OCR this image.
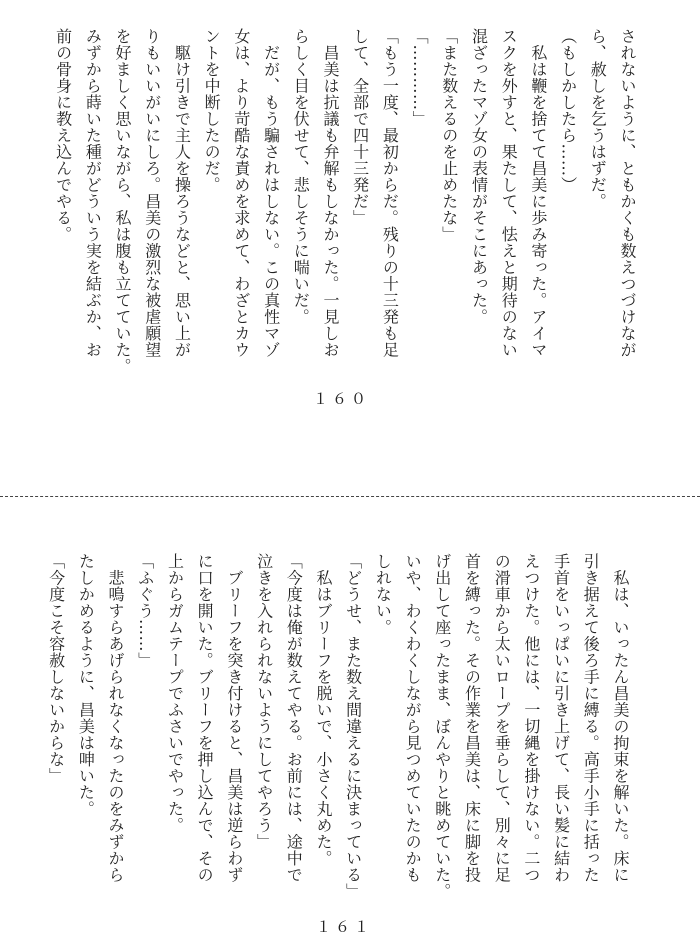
されないように、ともかくも数えつづけなが
ら、赦しを乞うはずだ。
（もしかしたら……）
　私は鞭を捨てて昌美に歩み寄った。アイマ
スクを外すと、果たして、怯えと期待のない
混ざったマゾ女の表情がそこにあった。
「また数えるのを止めたな」
「…………」
「もう一度、最初からだ。残りの十三発も足
して、全部で四十三発だ」
　昌美は抗議も弁解もしなかった。一見しお
らしく目を伏せて、悲しそうに喘いだ。
　だが、もう騙されはしない。この真性マゾ
女は、より苛酷な責めを求めて、わざとカウ
ントを中断したのだ。
　駆け引きで主人を操ろうなどと、思い上が
りもいいがいにしろ。昌美の激烈な被虐願望
を好ましく思いながら、私は腹も立てていた。
みずから蒔いた種がどういう実を結ぶか、お
前の骨身に教え込んでやる。
１６０
　私は、いったん昌美の拘束を解いた。床に
引き据えて後ろ手に縛る。高手小手に括った
手首をいっぱいに引き上げて、長い髪に結わ
えつけた。他には、一切縄を掛けない。二つ
の滑車から太いロープを垂らして、別々に足
首を縛った。その作業を昌美は、床に脚を投
げ出して座ったまま、ぼんやりと眺めていた。
いや、わくわくしながら見つめていたのかも
しれない。
「どうせ、また数え間違えるに決まっている」
　私はブリーフを脱いで、小さく丸めた。
「今度は俺が数えてやる。お前には、途中で
泣きを入れられないようにしてやろう」
　ブリーフを突き付けると、昌美は逆らわず
に口を開いた。ブリーフを押し込んで、その
上からガムテープでふさいでやった。
「ふぐう……」
　悲鳴すらあげられなくなったのをみずから
たしかめるように、昌美は呻いた。
「今度こそ容赦しないからな」
１６１
